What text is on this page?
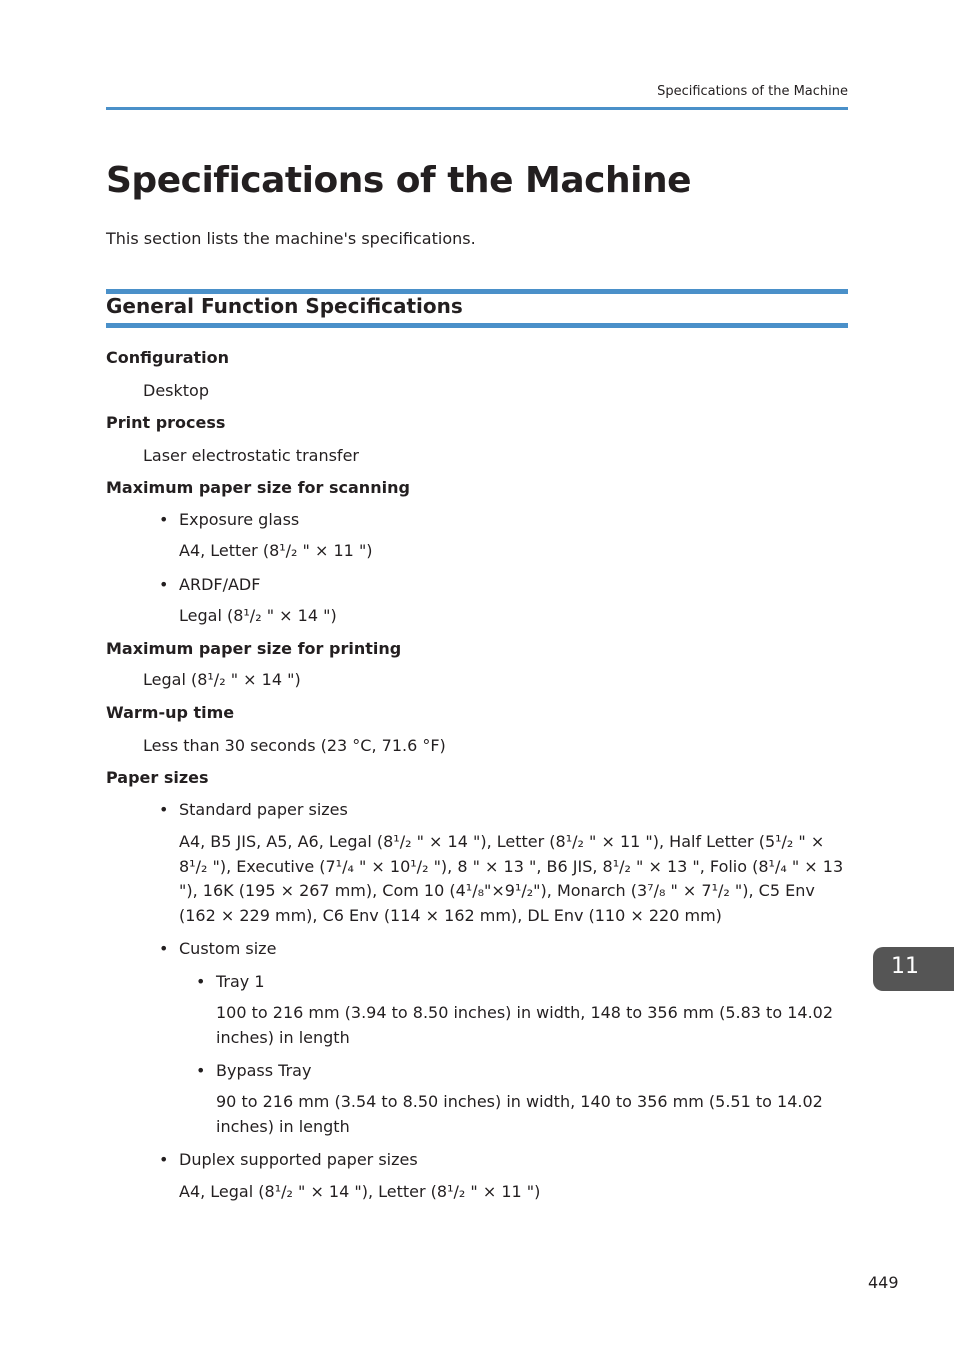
Specifications of the Machine
Specifications of the Machine

This section lists the machine's specifications.

General Function Specifications
Configuration
Desktop
Print process
Laser electrostatic transfer
Maximum paper size for scanning
• Exposure glass
A4, Letter (8¹/₂ " × 11 ")
• ARDF/ADF
Legal (8¹/₂ " × 14 ")
Maximum paper size for printing
Legal (8¹/₂ " × 14 ")
Warm-up time
Less than 30 seconds (23 °C, 71.6 °F)
Paper sizes
• Standard paper sizes
A4, B5 JIS, A5, A6, Legal (8¹/₂ " × 14 "), Letter (8¹/₂ " × 11 "), Half Letter (5¹/₂ " × 8¹/₂ "), Executive (7¹/₄ " × 10¹/₂ "), 8 " × 13 ", B6 JIS, 8¹/₂ " × 13 ", Folio (8¹/₄ " × 13 "), 16K (195 × 267 mm), Com 10 (4¹/₈"×9¹/₂"), Monarch (3⁷/₈ " × 7¹/₂ "), C5 Env (162 × 229 mm), C6 Env (114 × 162 mm), DL Env (110 × 220 mm)
• Custom size
• Tray 1
100 to 216 mm (3.94 to 8.50 inches) in width, 148 to 356 mm (5.83 to 14.02 inches) in length
• Bypass Tray
90 to 216 mm (3.54 to 8.50 inches) in width, 140 to 356 mm (5.51 to 14.02 inches) in length
• Duplex supported paper sizes
A4, Legal (8¹/₂ " × 14 "), Letter (8¹/₂ " × 11 ")
11
449
